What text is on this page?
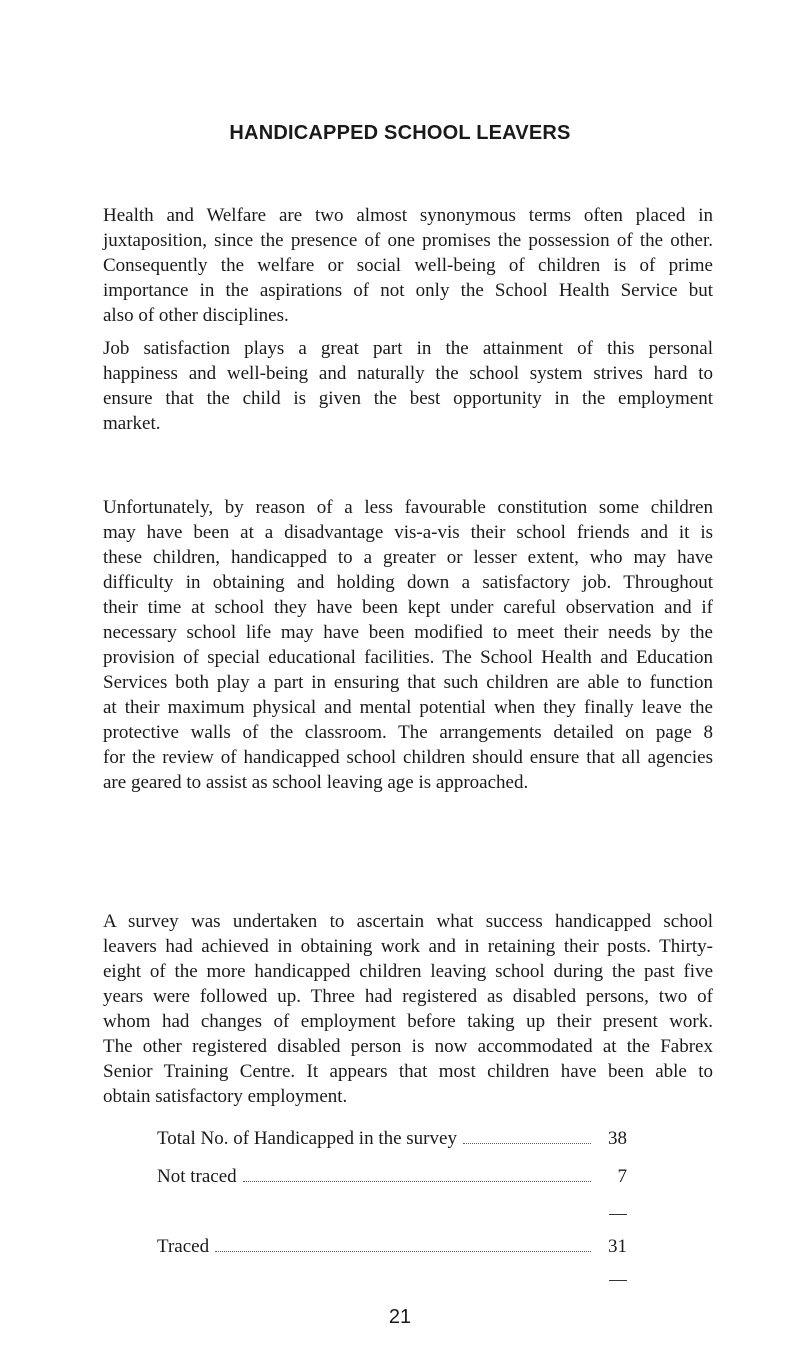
HANDICAPPED SCHOOL LEAVERS
Health and Welfare are two almost synonymous terms often placed in
juxtaposition, since the presence of one promises the possession of the other.
Consequently the welfare or social well-being of children is of prime
importance in the aspirations of not only the School Health Service but
also of other disciplines.
Job satisfaction plays a great part in the attainment of this personal
happiness and well-being and naturally the school system strives hard to
ensure that the child is given the best opportunity in the employment
market.
Unfortunately, by reason of a less favourable constitution some children
may have been at a disadvantage vis-a-vis their school friends and it is
these children, handicapped to a greater or lesser extent, who may have
difficulty in obtaining and holding down a satisfactory job. Throughout
their time at school they have been kept under careful observation and if
necessary school life may have been modified to meet their needs by the
provision of special educational facilities. The School Health and Education
Services both play a part in ensuring that such children are able to function
at their maximum physical and mental potential when they finally leave the
protective walls of the classroom. The arrangements detailed on page 8
for the review of handicapped school children should ensure that all agencies
are geared to assist as school leaving age is approached.
A survey was undertaken to ascertain what success handicapped school
leavers had achieved in obtaining work and in retaining their posts. Thirty-
eight of the more handicapped children leaving school during the past five
years were followed up. Three had registered as disabled persons, two of
whom had changes of employment before taking up their present work.
The other registered disabled person is now accommodated at the Fabrex
Senior Training Centre. It appears that most children have been able to
obtain satisfactory employment.
Total No. of Handicapped in the survey	38
Not traced	7
Traced	31
21
